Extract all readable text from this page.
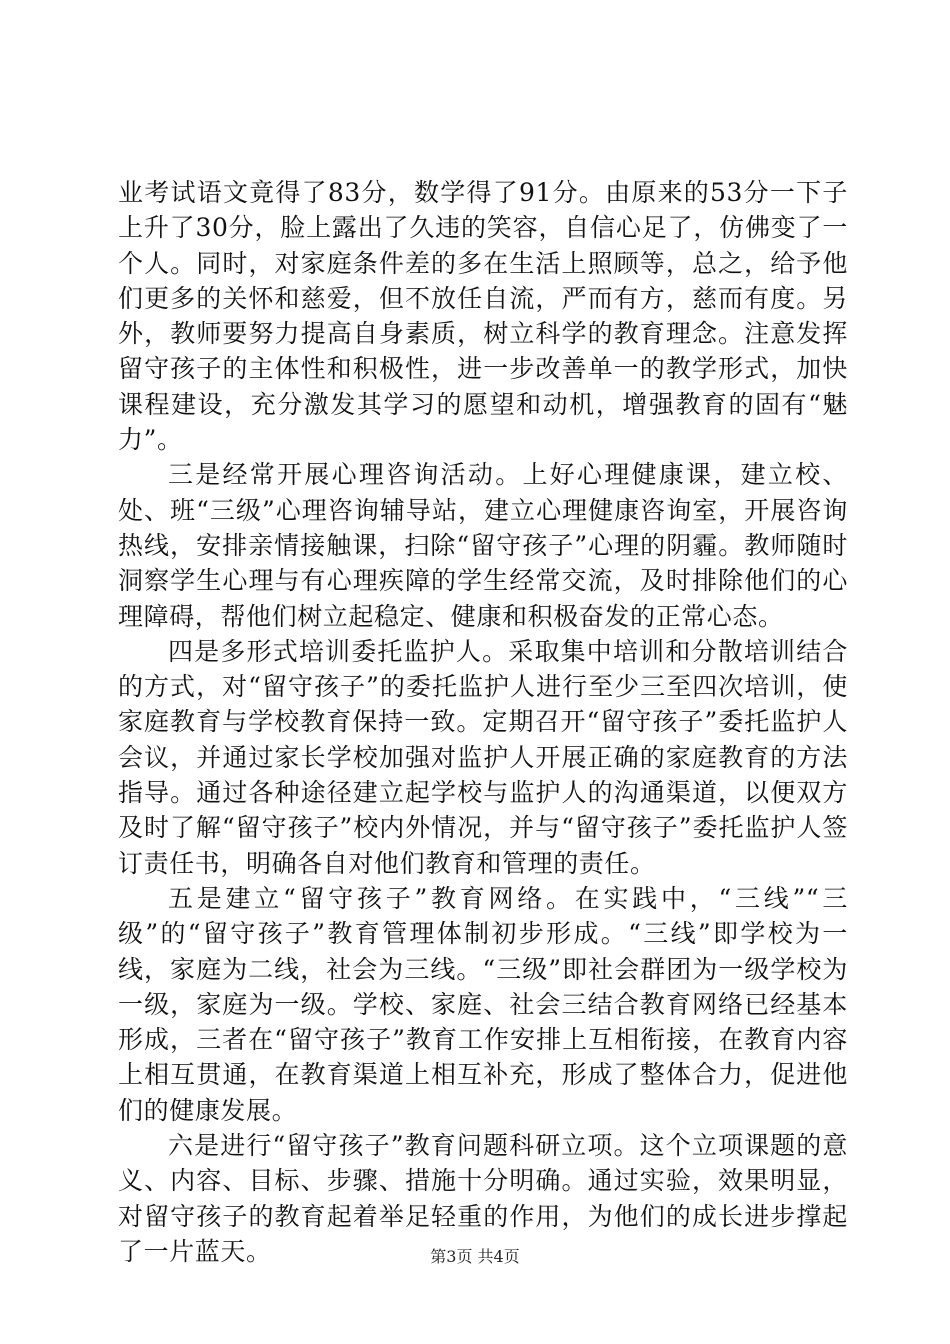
业考试语文竟得了83分，数学得了91分。由原来的53分一下子上升了30分，脸上露出了久违的笑容，自信心足了，仿佛变了一个人。同时，对家庭条件差的多在生活上照顾等，总之，给予他们更多的关怀和慈爱，但不放任自流，严而有方，慈而有度。另外，教师要努力提高自身素质，树立科学的教育理念。注意发挥留守孩子的主体性和积极性，进一步改善单一的教学形式，加快课程建设，充分激发其学习的愿望和动机，增强教育的固有“魅力”。

三是经常开展心理咨询活动。上好心理健康课，建立校、处、班“三级”心理咨询辅导站，建立心理健康咨询室，开展咨询热线，安排亲情接触课，扫除“留守孩子”心理的阴霾。教师随时洞察学生心理与有心理疾障的学生经常交流，及时排除他们的心理障碍，帮他们树立起稳定、健康和积极奋发的正常心态。

四是多形式培训委托监护人。采取集中培训和分散培训结合的方式，对“留守孩子”的委托监护人进行至少三至四次培训，使家庭教育与学校教育保持一致。定期召开“留守孩子”委托监护人会议，并通过家长学校加强对监护人开展正确的家庭教育的方法指导。通过各种途径建立起学校与监护人的沟通渠道，以便双方及时了解“留守孩子”校内外情况，并与“留守孩子”委托监护人签订责任书，明确各自对他们教育和管理的责任。

五是建立“留守孩子”教育网络。在实践中，“三线”“三级”的“留守孩子”教育管理体制初步形成。“三线”即学校为一线，家庭为二线，社会为三线。“三级”即社会群团为一级学校为一级，家庭为一级。学校、家庭、社会三结合教育网络已经基本形成，三者在“留守孩子”教育工作安排上互相衔接，在教育内容上相互贯通，在教育渠道上相互补充，形成了整体合力，促进他们的健康发展。

六是进行“留守孩子”教育问题科研立项。这个立项课题的意义、内容、目标、步骤、措施十分明确。通过实验，效果明显，对留守孩子的教育起着举足轻重的作用，为他们的成长进步撑起了一片蓝天。	第3页 共4页
